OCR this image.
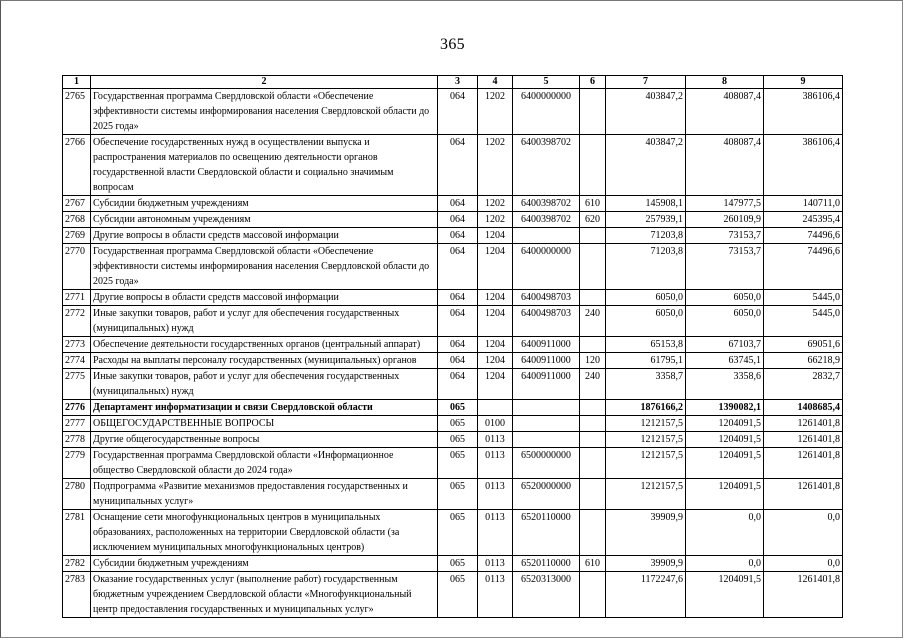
365
1	2	3	4	5	6	7	8	9
2765	Государственная программа Свердловской области «Обеспечение эффективности системы информирования населения Свердловской области до 2025 года»	064	1202	6400000000		403847,2	408087,4	386106,4
2766	Обеспечение государственных нужд в осуществлении выпуска и распространения материалов по освещению деятельности органов государственной власти Свердловской области и социально значимым вопросам	064	1202	6400398702		403847,2	408087,4	386106,4
2767	Субсидии бюджетным учреждениям	064	1202	6400398702	610	145908,1	147977,5	140711,0
2768	Субсидии автономным учреждениям	064	1202	6400398702	620	257939,1	260109,9	245395,4
2769	Другие вопросы в области средств массовой информации	064	1204			71203,8	73153,7	74496,6
2770	Государственная программа Свердловской области «Обеспечение эффективности системы информирования населения Свердловской области до 2025 года»	064	1204	6400000000		71203,8	73153,7	74496,6
2771	Другие вопросы в области средств массовой информации	064	1204	6400498703		6050,0	6050,0	5445,0
2772	Иные закупки товаров, работ и услуг для обеспечения государственных (муниципальных) нужд	064	1204	6400498703	240	6050,0	6050,0	5445,0
2773	Обеспечение деятельности государственных органов (центральный аппарат)	064	1204	6400911000		65153,8	67103,7	69051,6
2774	Расходы на выплаты персоналу государственных (муниципальных) органов	064	1204	6400911000	120	61795,1	63745,1	66218,9
2775	Иные закупки товаров, работ и услуг для обеспечения государственных (муниципальных) нужд	064	1204	6400911000	240	3358,7	3358,6	2832,7
2776	Департамент информатизации и связи Свердловской области	065				1876166,2	1390082,1	1408685,4
2777	ОБЩЕГОСУДАРСТВЕННЫЕ ВОПРОСЫ	065	0100			1212157,5	1204091,5	1261401,8
2778	Другие общегосударственные вопросы	065	0113			1212157,5	1204091,5	1261401,8
2779	Государственная программа Свердловской области «Информационное общество Свердловской области до 2024 года»	065	0113	6500000000		1212157,5	1204091,5	1261401,8
2780	Подпрограмма «Развитие механизмов предоставления государственных и муниципальных услуг»	065	0113	6520000000		1212157,5	1204091,5	1261401,8
2781	Оснащение сети многофункциональных центров в муниципальных образованиях, расположенных на территории Свердловской области (за исключением муниципальных многофункциональных центров)	065	0113	6520110000		39909,9	0,0	0,0
2782	Субсидии бюджетным учреждениям	065	0113	6520110000	610	39909,9	0,0	0,0
2783	Оказание государственных услуг (выполнение работ) государственным бюджетным учреждением Свердловской области «Многофункциональный центр предоставления государственных и муниципальных услуг»	065	0113	6520313000		1172247,6	1204091,5	1261401,8
